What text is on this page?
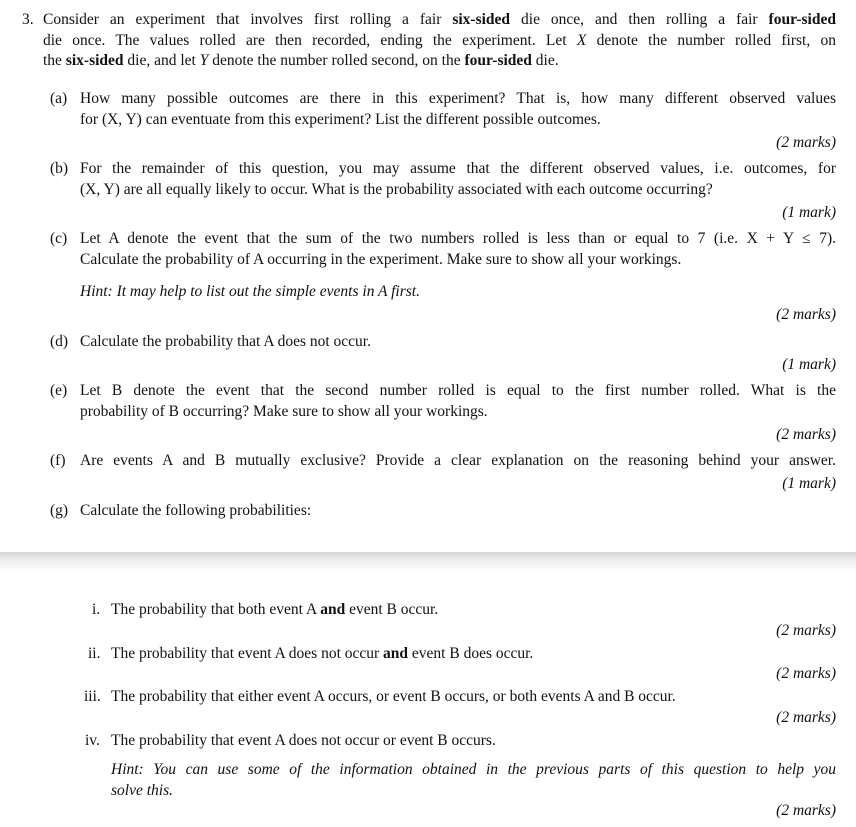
3. Consider an experiment that involves first rolling a fair six-sided die once, and then rolling a fair four-sided
die once. The values rolled are then recorded, ending the experiment. Let X denote the number rolled first, on
the six-sided die, and let Y denote the number rolled second, on the four-sided die.
(a) How many possible outcomes are there in this experiment? That is, how many different observed values
for (X, Y) can eventuate from this experiment? List the different possible outcomes.
(2 marks)
(b) For the remainder of this question, you may assume that the different observed values, i.e. outcomes, for
(X, Y) are all equally likely to occur. What is the probability associated with each outcome occurring?
(1 mark)
(c) Let A denote the event that the sum of the two numbers rolled is less than or equal to 7 (i.e. X + Y ≤ 7).
Calculate the probability of A occurring in the experiment. Make sure to show all your workings.
Hint: It may help to list out the simple events in A first.
(2 marks)
(d) Calculate the probability that A does not occur.
(1 mark)
(e) Let B denote the event that the second number rolled is equal to the first number rolled. What is the
probability of B occurring? Make sure to show all your workings.
(2 marks)
(f) Are events A and B mutually exclusive? Provide a clear explanation on the reasoning behind your answer.
(1 mark)
(g) Calculate the following probabilities:
i. The probability that both event A and event B occur.
(2 marks)
ii. The probability that event A does not occur and event B does occur.
(2 marks)
iii. The probability that either event A occurs, or event B occurs, or both events A and B occur.
(2 marks)
iv. The probability that event A does not occur or event B occurs.
Hint: You can use some of the information obtained in the previous parts of this question to help you
solve this.
(2 marks)
